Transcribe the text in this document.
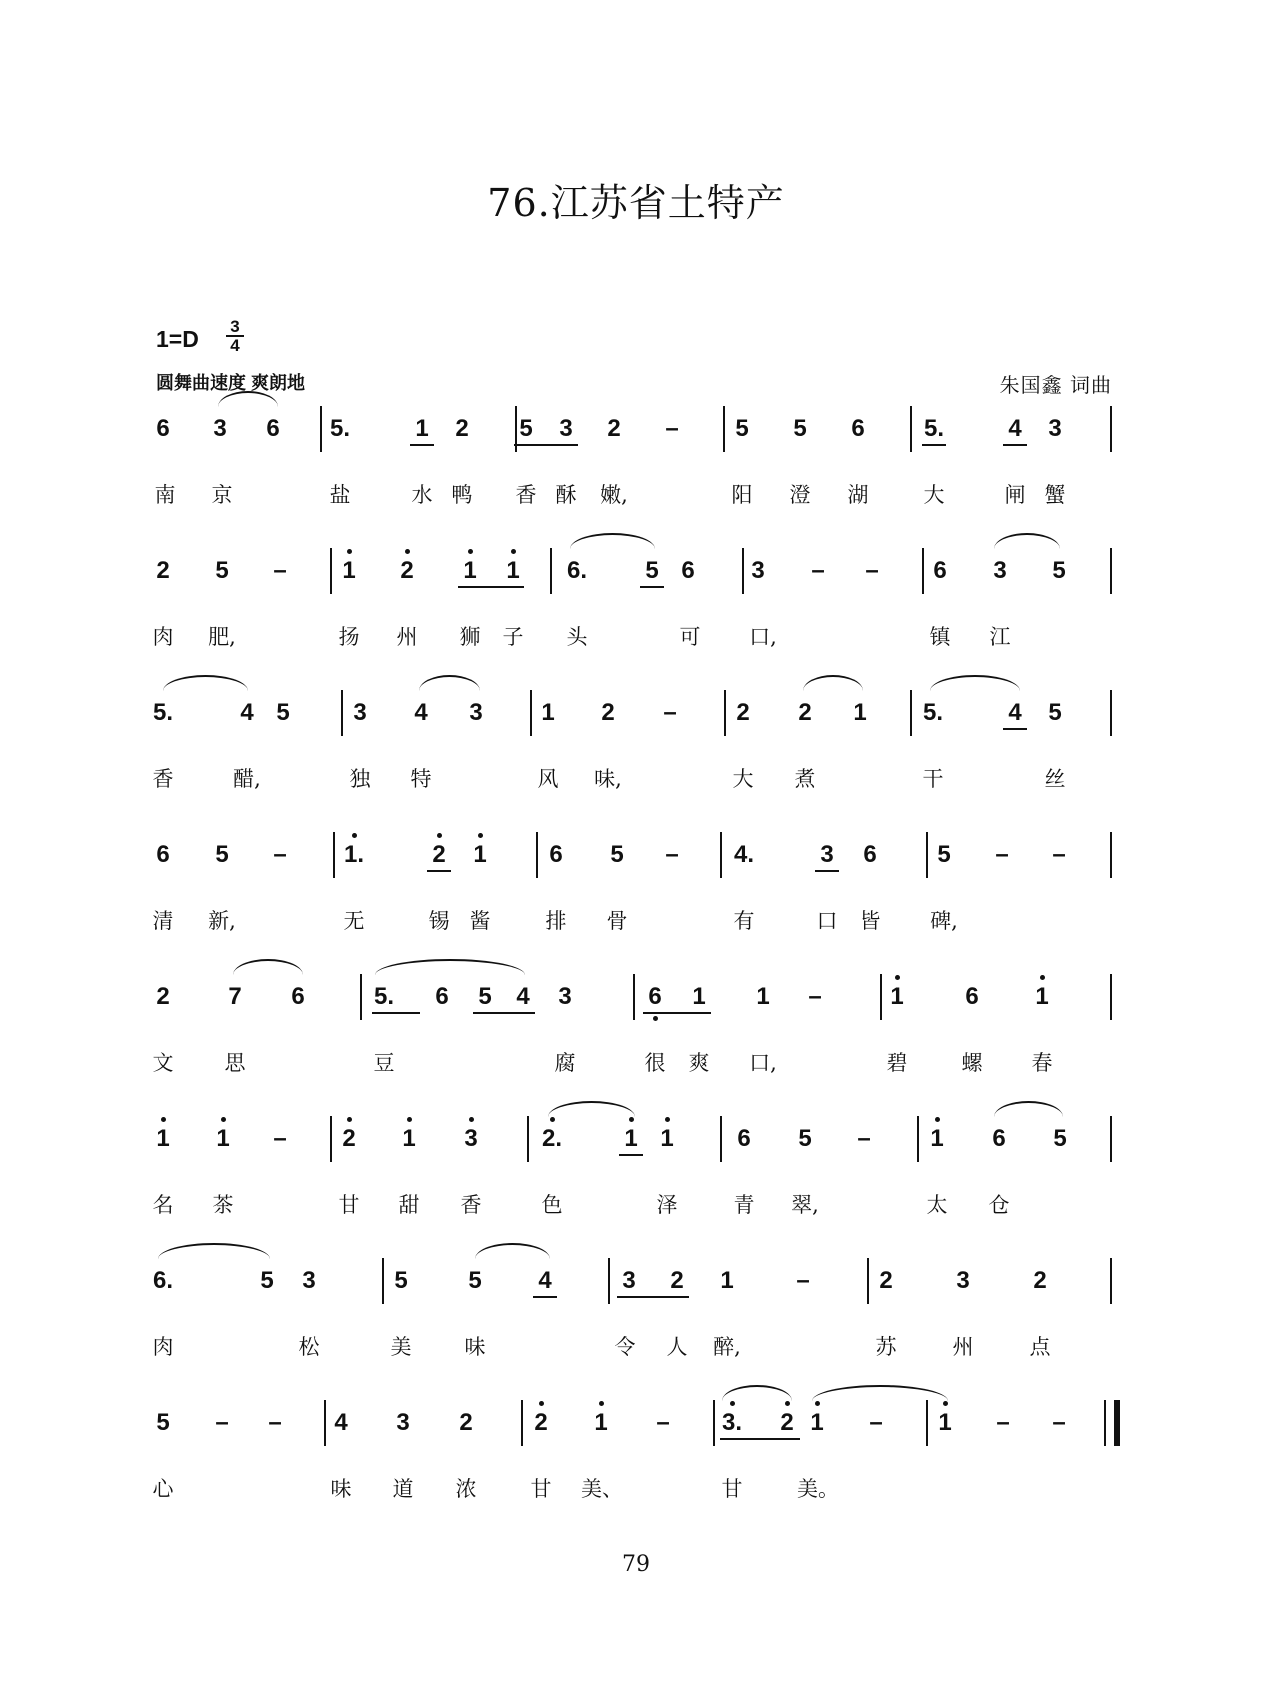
76.江苏省土特产
$1=D \frac{3}{4}$
圆舞曲速度 爽朗地	朱国鑫 词曲
6	3	6	5.	1	2	5	3	2	–	5	5	6	5.	4	3
南	京	盐	水 鸭	香 酥	嫩,	阳	澄	湖	大	闸 蟹
2	5	–	1	2	1	1	6.	5 6	3	–	–	6	3	5
肉	肥,	扬	州	狮	子	头	可	口,	镇	江
5.	4 5	3	4	3	1	2	–	2	2	1	5.	4	5
香	醋,	独	特	风	味,	大	煮	干	丝
6	5	–	1.	2	1	6	5	–	4.	3	6	5	–	–
清	新,	无	锡 酱	排	骨	有	口	皆	碑,
2	7	6	5.	6	5	4	3	6	1	1	–	1	6	1
文	思	豆	腐	很	爽	口,	碧	螺	春
1	1	–	2	1	3	2.	1 1	6	5	–	1	6	5
名	茶	甘	甜	香	色	泽	青	翠,	太	仓
6.	5	3	5	5	4	3	2	1	–	2	3	2
肉	松	美	味	令	人	醉,	苏	州	点
5	–	–	4	3	2	2	1	–	3.	2 1	–	1	–	–
心	味	道	浓	甘	美、	甘	美。
79
